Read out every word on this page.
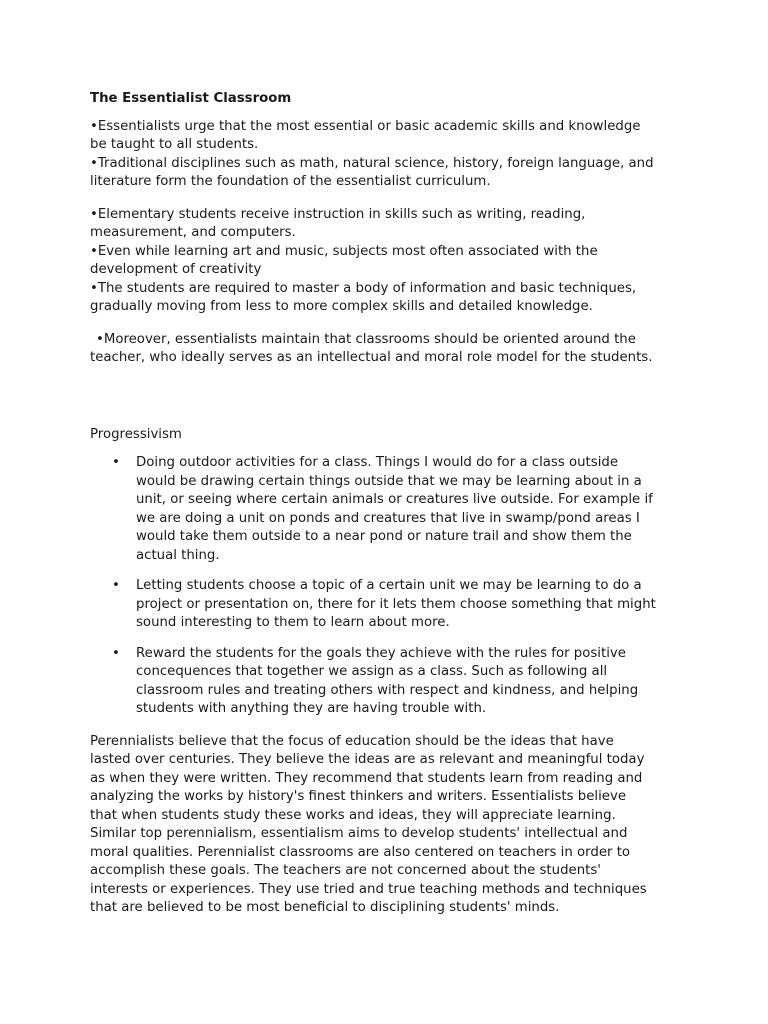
The Essentialist Classroom
•Essentialists urge that the most essential or basic academic skills and knowledge
be taught to all students.
•Traditional disciplines such as math, natural science, history, foreign language, and
literature form the foundation of the essentialist curriculum.
•Elementary students receive instruction in skills such as writing, reading,
measurement, and computers.
•Even while learning art and music, subjects most often associated with the
development of creativity
•The students are required to master a body of information and basic techniques,
gradually moving from less to more complex skills and detailed knowledge.
•Moreover, essentialists maintain that classrooms should be oriented around the
teacher, who ideally serves as an intellectual and moral role model for the students.
Progressivism
• Doing outdoor activities for a class. Things I would do for a class outside
would be drawing certain things outside that we may be learning about in a
unit, or seeing where certain animals or creatures live outside. For example if
we are doing a unit on ponds and creatures that live in swamp/pond areas I
would take them outside to a near pond or nature trail and show them the
actual thing.
• Letting students choose a topic of a certain unit we may be learning to do a
project or presentation on, there for it lets them choose something that might
sound interesting to them to learn about more.
• Reward the students for the goals they achieve with the rules for positive
concequences that together we assign as a class. Such as following all
classroom rules and treating others with respect and kindness, and helping
students with anything they are having trouble with.
Perennialists believe that the focus of education should be the ideas that have
lasted over centuries. They believe the ideas are as relevant and meaningful today
as when they were written. They recommend that students learn from reading and
analyzing the works by history's finest thinkers and writers. Essentialists believe
that when students study these works and ideas, they will appreciate learning.
Similar top perennialism, essentialism aims to develop students' intellectual and
moral qualities. Perennialist classrooms are also centered on teachers in order to
accomplish these goals. The teachers are not concerned about the students'
interests or experiences. They use tried and true teaching methods and techniques
that are believed to be most beneficial to disciplining students' minds.
